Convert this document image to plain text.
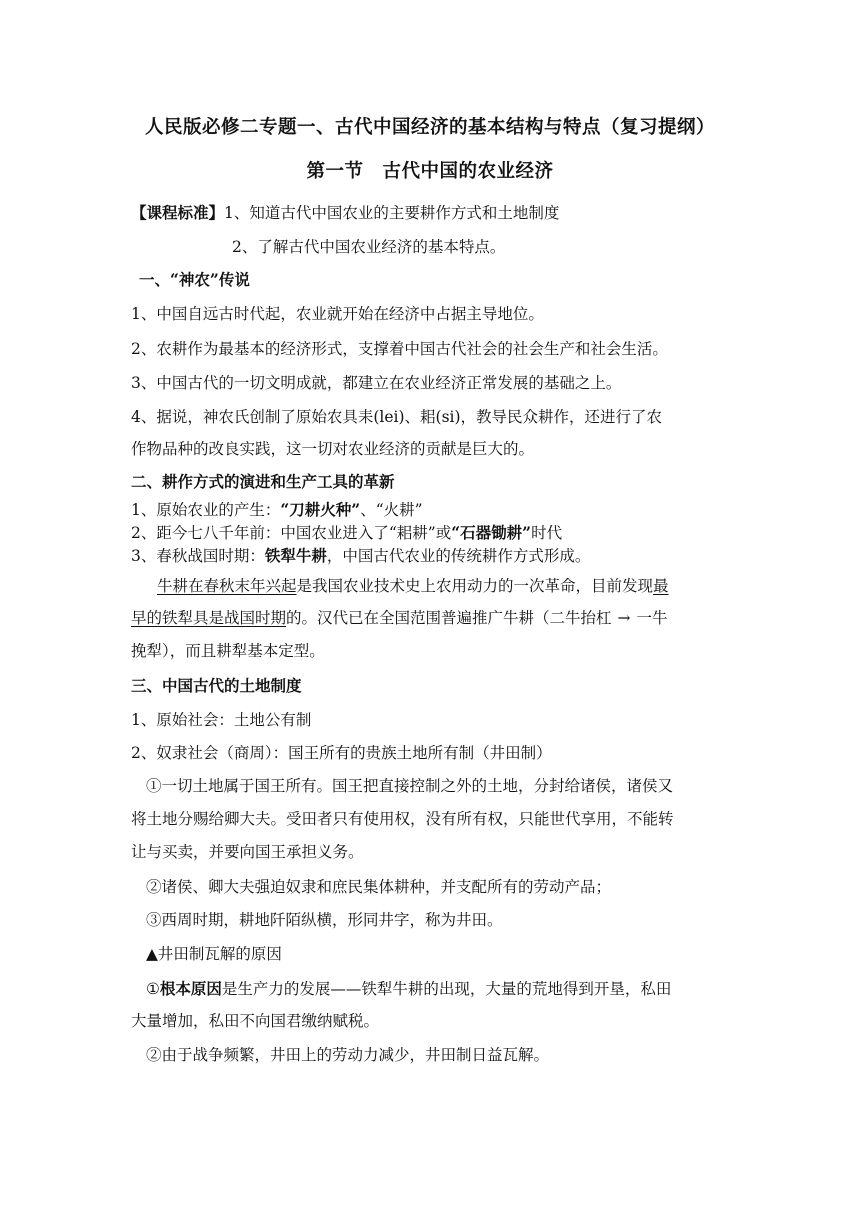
人民版必修二专题一、古代中国经济的基本结构与特点（复习提纲）
第一节　古代中国的农业经济
【课程标准】1、知道古代中国农业的主要耕作方式和土地制度
2、了解古代中国农业经济的基本特点。
一、“神农”传说
1、中国自远古时代起，农业就开始在经济中占据主导地位。
2、农耕作为最基本的经济形式，支撑着中国古代社会的社会生产和社会生活。
3、中国古代的一切文明成就，都建立在农业经济正常发展的基础之上。
4、据说，神农氏创制了原始农具耒(lei)、耜(si)，教导民众耕作，还进行了农
作物品种的改良实践，这一切对农业经济的贡献是巨大的。
二、耕作方式的演进和生产工具的革新
1、原始农业的产生：“刀耕火种”、“火耕”
2、距今七八千年前：中国农业进入了“耜耕”或“石器锄耕”时代
3、春秋战国时期：铁犁牛耕，中国古代农业的传统耕作方式形成。
牛耕在春秋末年兴起是我国农业技术史上农用动力的一次革命，目前发现最
早的铁犁具是战国时期的。汉代已在全国范围普遍推广牛耕（二牛抬杠 → 一牛
挽犁），而且耕犁基本定型。
三、中国古代的土地制度
1、原始社会：土地公有制
2、奴隶社会（商周）：国王所有的贵族土地所有制（井田制）
①一切土地属于国王所有。国王把直接控制之外的土地，分封给诸侯，诸侯又
将土地分赐给卿大夫。受田者只有使用权，没有所有权，只能世代享用，不能转
让与买卖，并要向国王承担义务。
②诸侯、卿大夫强迫奴隶和庶民集体耕种，并支配所有的劳动产品；
③西周时期，耕地阡陌纵横，形同井字，称为井田。
▲井田制瓦解的原因
①根本原因是生产力的发展——铁犁牛耕的出现，大量的荒地得到开垦，私田
大量增加，私田不向国君缴纳赋税。
②由于战争频繁，井田上的劳动力减少，井田制日益瓦解。
